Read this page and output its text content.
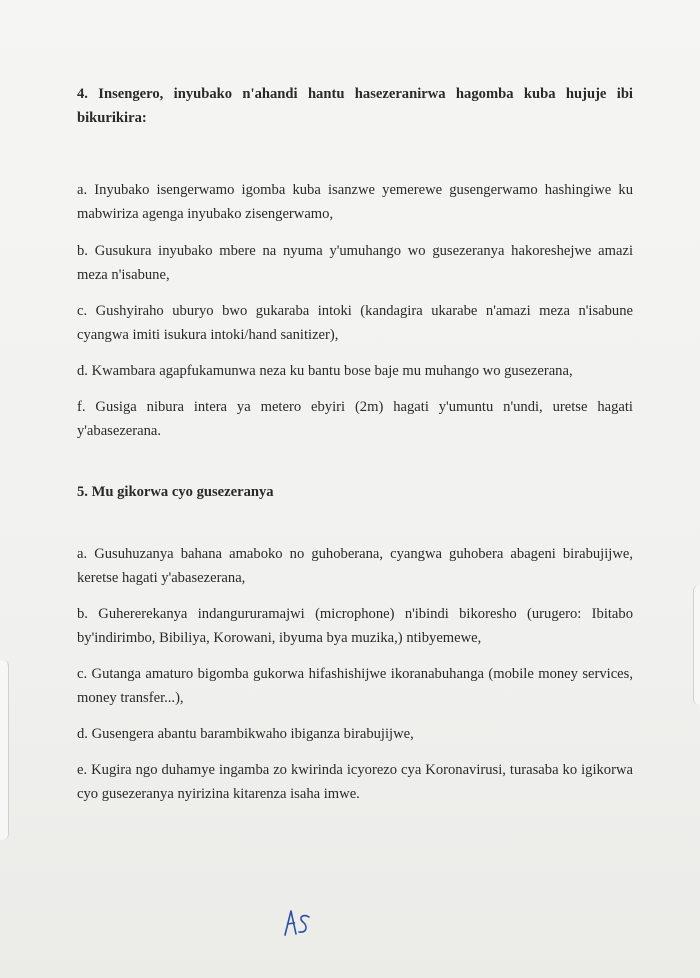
4. Insengero, inyubako n'ahandi hantu hasezeranirwa hagomba kuba hujuje ibi bikurikira:

a. Inyubako isengerwamo igomba kuba isanzwe yemerewe gusengerwamo hashingiwe ku mabwiriza agenga inyubako zisengerwamo,

b. Gusukura inyubako mbere na nyuma y'umuhango wo gusezeranya hakoreshejwe amazi meza n'isabune,

c. Gushyiraho uburyo bwo gukaraba intoki (kandagira ukarabe n'amazi meza n'isabune cyangwa imiti isukura intoki/hand sanitizer),

d. Kwambara agapfukamunwa neza ku bantu bose baje mu muhango wo gusezerana,

f. Gusiga nibura intera ya metero ebyiri (2m) hagati y'umuntu n'undi, uretse hagati y'abasezerana.

5. Mu gikorwa cyo gusezeranya

a. Gusuhuzanya bahana amaboko no guhoberana, cyangwa guhobera abageni birabujijwe, keretse hagati y'abasezerana,

b. Guhererekanya indangururamajwi (microphone) n'ibindi bikoresho (urugero: Ibitabo by'indirimbo, Bibiliya, Korowani, ibyuma bya muzika,) ntibyemewe,

c. Gutanga amaturo bigomba gukorwa hifashishijwe ikoranabuhanga (mobile money services, money transfer...),

d. Gusengera abantu barambikwaho ibiganza birabujijwe,

e. Kugira ngo duhamye ingamba zo kwirinda icyorezo cya Koronavirusi, turasaba ko igikorwa cyo gusezeranya nyirizina kitarenza isaha imwe.
